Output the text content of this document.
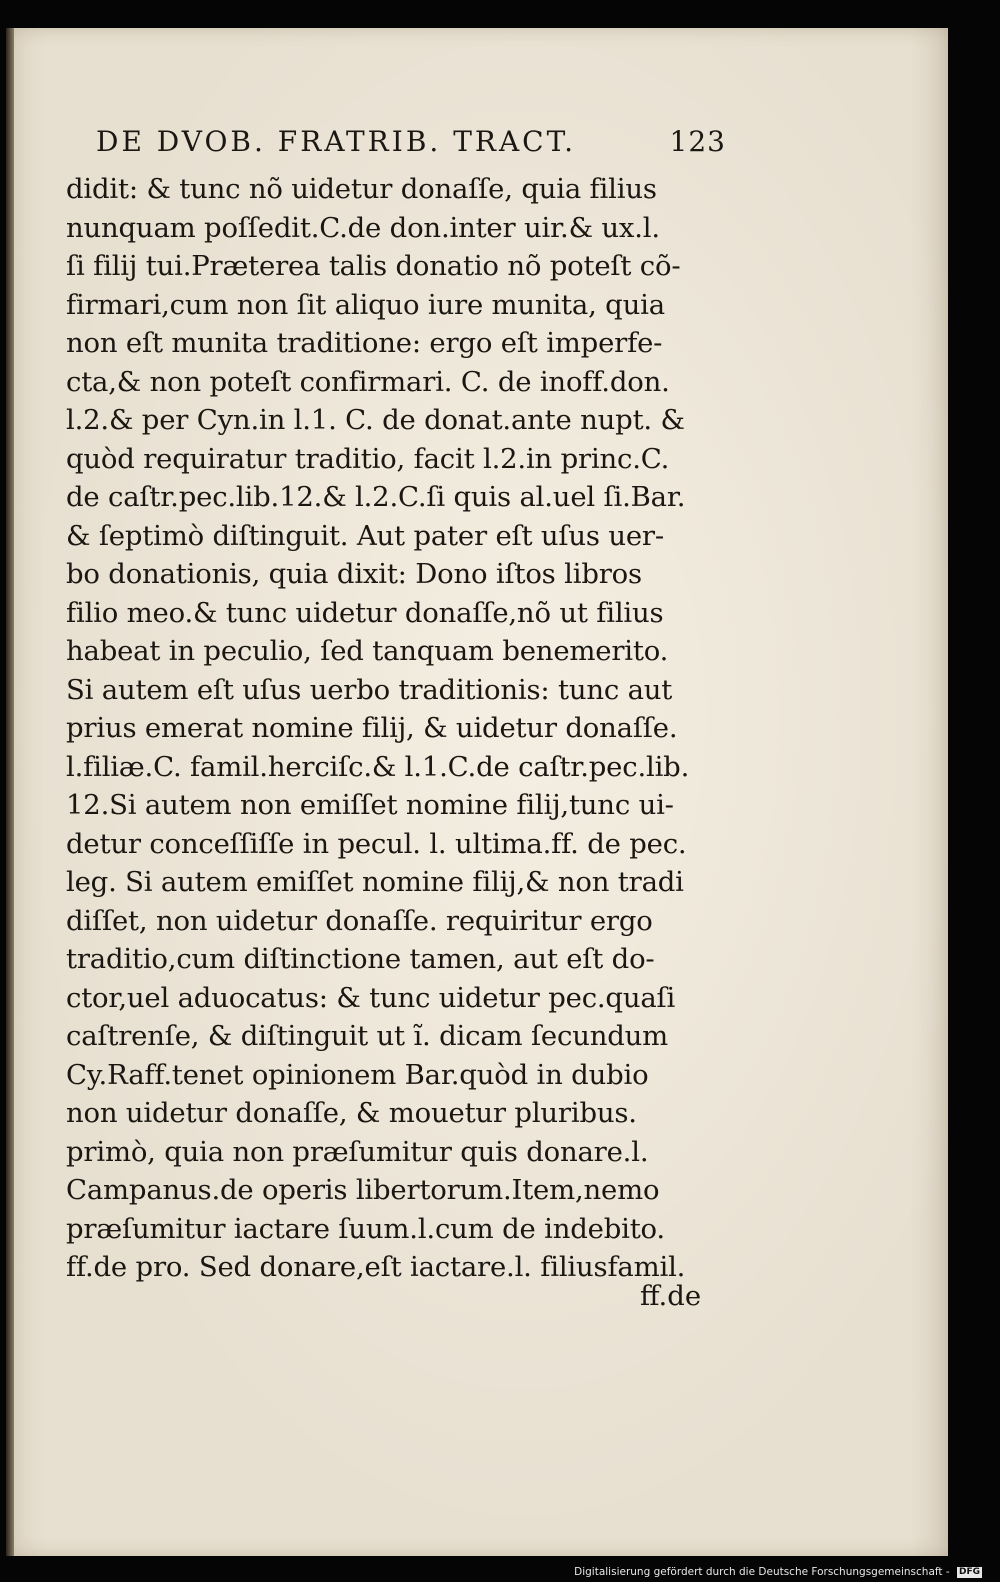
DE DVOB. FRATRIB. TRACT.	123
didit: & tunc nõ uidetur donaſſe, quia filius
nunquam poſſedit.C.de don.inter uir.& ux.l.
ſi filij tui.Præterea talis donatio nõ poteſt cõ-
firmari,cum non ſit aliquo iure munita, quia
non eſt munita traditione: ergo eſt imperfe-
cta,& non poteſt confirmari. C. de inoff.don.
l.2.& per Cyn.in l.1. C. de donat.ante nupt. &
quòd requiratur traditio, facit l.2.in princ.C.
de caſtr.pec.lib.12.& l.2.C.ſi quis al.uel ſi.Bar.
& ſeptimò diſtinguit. Aut pater eſt uſus uer-
bo donationis, quia dixit: Dono iſtos libros
filio meo.& tunc uidetur donaſſe,nõ ut filius
habeat in peculio, ſed tanquam benemerito.
Si autem eſt uſus uerbo traditionis: tunc aut
prius emerat nomine filij, & uidetur donaſſe.
l.filiæ.C. famil.herciſc.& l.1.C.de caſtr.pec.lib.
12.Si autem non emiſſet nomine filij,tunc ui-
detur conceſſiſſe in pecul. l. ultima.ff. de pec.
leg. Si autem emiſſet nomine filij,& non tradi
diſſet, non uidetur donaſſe. requiritur ergo
traditio,cum diſtinctione tamen, aut eſt do-
ctor,uel aduocatus: & tunc uidetur pec.quaſi
caſtrenſe, & diſtinguit ut ĩ. dicam ſecundum
Cy.Raff.tenet opinionem Bar.quòd in dubio
non uidetur donaſſe, & mouetur pluribus.
primò, quia non præſumitur quis donare.l.
Campanus.de operis libertorum.Item,nemo
præſumitur iactare ſuum.l.cum de indebito.
ff.de pro. Sed donare,eſt iactare.l. filiusfamil.
ff.de
Digitalisierung gefördert durch die Deutsche Forschungsgemeinschaft - DFG
